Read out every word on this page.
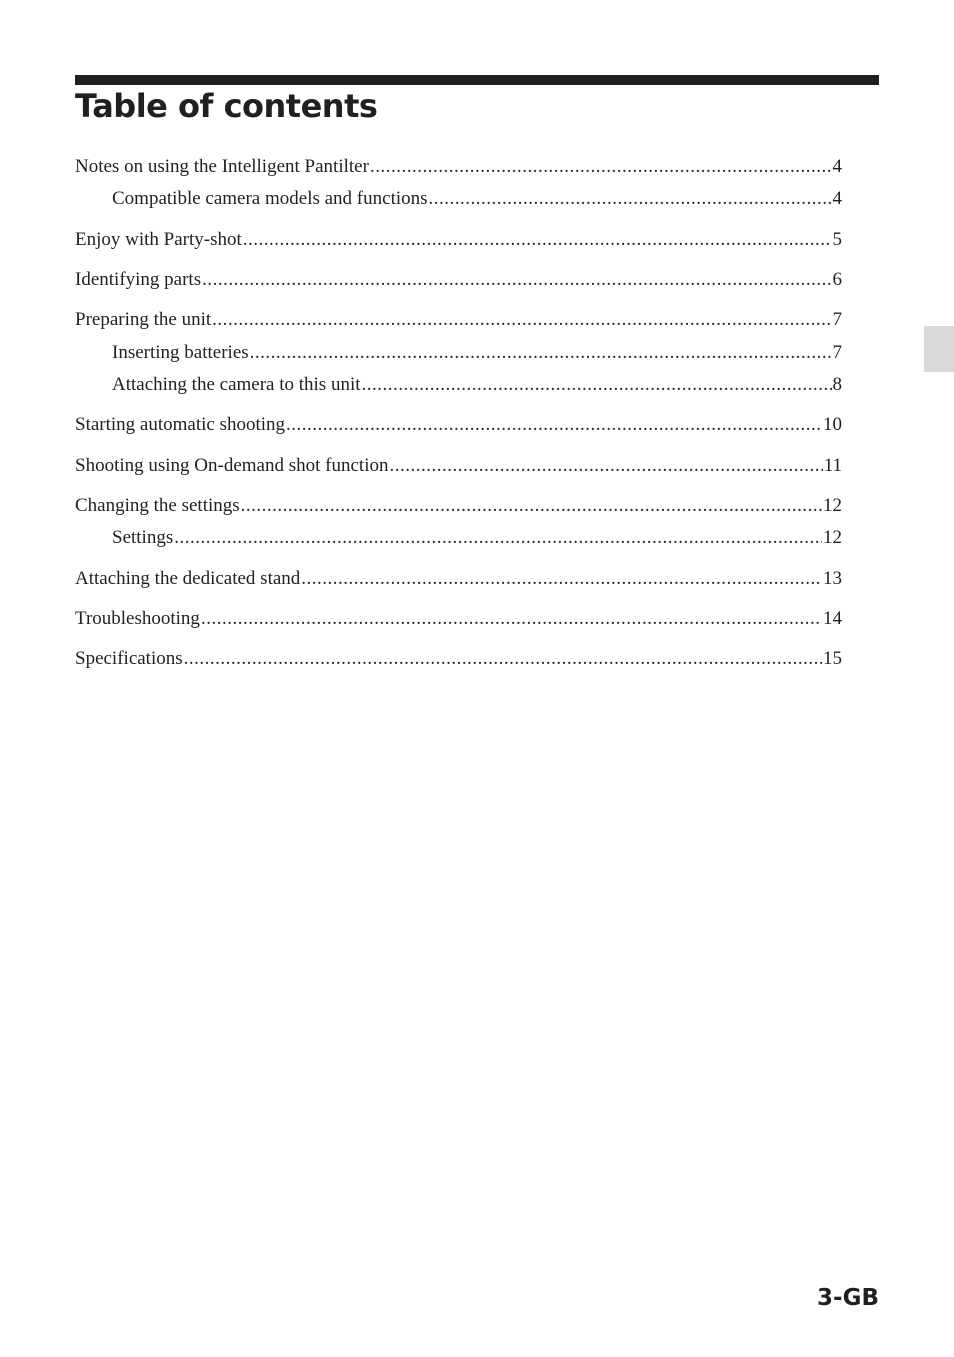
Table of contents
Notes on using the Intelligent Pantilter .....	4
Compatible camera models and functions .....	4
Enjoy with Party-shot .....	5
Identifying parts .....	6
Preparing the unit .....	7
Inserting batteries .....	7
Attaching the camera to this unit .....	8
Starting automatic shooting .....	10
Shooting using On-demand shot function .....	11
Changing the settings .....	12
Settings .....	12
Attaching the dedicated stand .....	13
Troubleshooting .....	14
Specifications .....	15
3-GB
